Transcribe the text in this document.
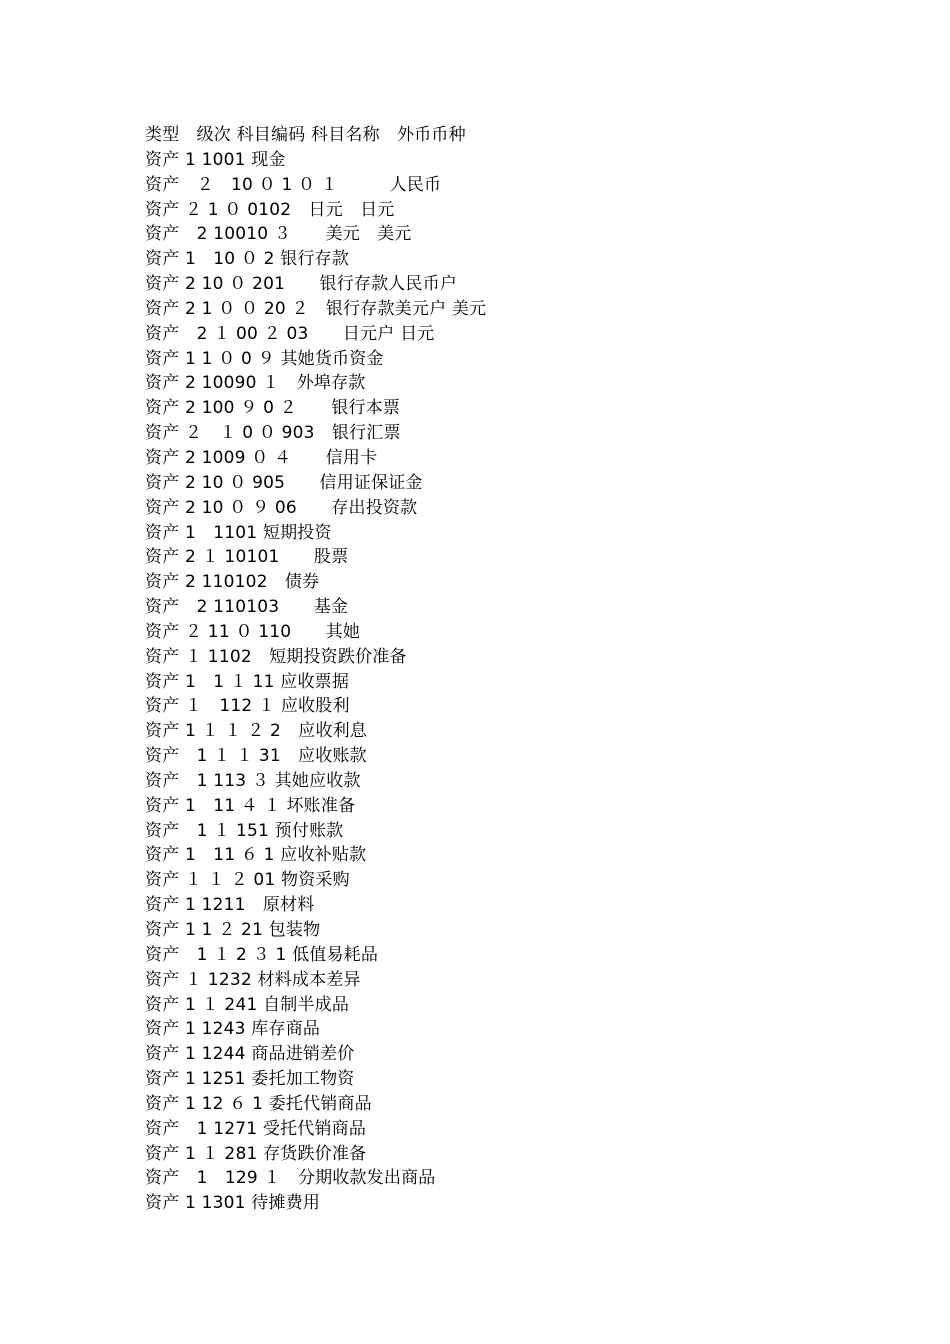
类型　级次 科目编码 科目名称　外币币种
资产 1 1001 现金
资产　２　10 ０ 1 ０ １　　　人民币
资产 ２ 1 ０ 0102　日元　日元
资产　2 10010 ３　　美元　美元
资产 1　10 ０ 2 银行存款
资产 2 10 ０ 201　　银行存款人民币户
资产 2 1 ０ ０ 20 ２　银行存款美元户 美元
资产　2 １ 00 ２ 03　　日元户 日元
资产 1 1 ０ 0 ９ 其她货币资金
资产 2 10090 １　外埠存款
资产 2 100 ９ 0 ２　　银行本票
资产 ２　１ 0 ０ 903　银行汇票
资产 2 1009 ０ ４　　信用卡
资产 2 10 ０ 905　　信用证保证金
资产 2 10 ０ ９ 06　　存出投资款
资产 1　1101 短期投资
资产 2 １ 10101　　股票
资产 2 110102　债券
资产　2 110103　　基金
资产 ２ 11 ０ 110　　其她
资产 １ 1102　短期投资跌价准备
资产 1　1 １ 11 应收票据
资产 １　112 １ 应收股利
资产 1 １ １ ２ 2　应收利息
资产　1 １ １ 31　应收账款
资产　1 113 ３ 其她应收款
资产 1　11 ４ １ 坏账准备
资产　1 １ 151 预付账款
资产 1　11 ６ 1 应收补贴款
资产 １ １ ２ 01 物资采购
资产 1 1211　原材料
资产 1 1 ２ 21 包装物
资产　1 １ 2 ３ 1 低值易耗品
资产 １ 1232 材料成本差异
资产 1 １ 241 自制半成品
资产 1 1243 库存商品
资产 1 1244 商品进销差价
资产 1 1251 委托加工物资
资产 1 12 ６ 1 委托代销商品
资产　1 1271 受托代销商品
资产 1 １ 281 存货跌价准备
资产　1　129 １　分期收款发出商品
资产 1 1301 待摊费用
